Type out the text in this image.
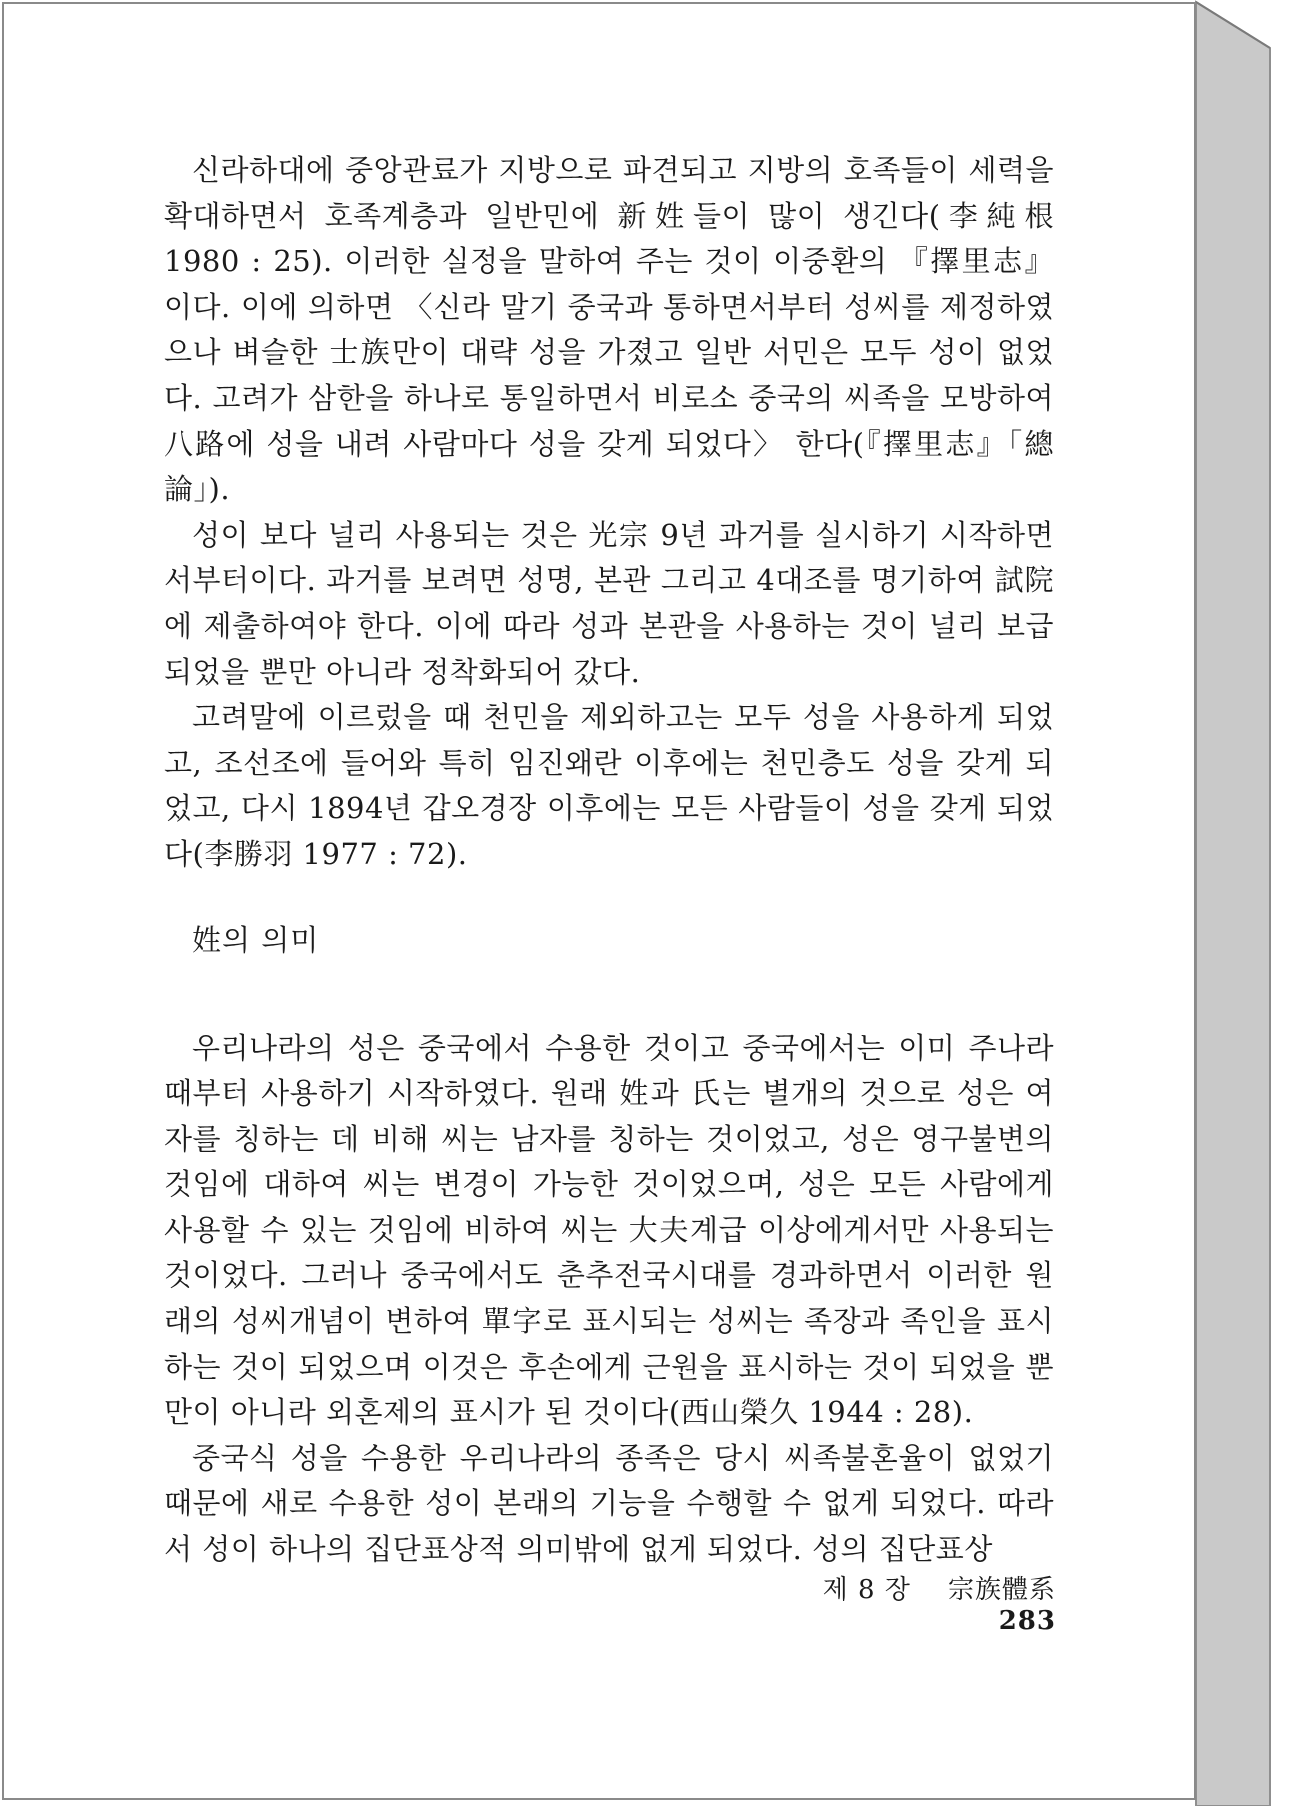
신라하대에 중앙관료가 지방으로 파견되고 지방의 호족들이 세력을 확대하면서 호족계층과 일반민에 新姓들이 많이 생긴다(李純根 1980 : 25). 이러한 실정을 말하여 주는 것이 이중환의 『擇里志』이다. 이에 의하면 〈신라 말기 중국과 통하면서부터 성씨를 제정하였으나 벼슬한 士族만이 대략 성을 가졌고 일반 서민은 모두 성이 없었다. 고려가 삼한을 하나로 통일하면서 비로소 중국의 씨족을 모방하여 八路에 성을 내려 사람마다 성을 갖게 되었다〉 한다(『擇里志』「總論」).

성이 보다 널리 사용되는 것은 光宗 9년 과거를 실시하기 시작하면서부터이다. 과거를 보려면 성명, 본관 그리고 4대조를 명기하여 試院에 제출하여야 한다. 이에 따라 성과 본관을 사용하는 것이 널리 보급되었을 뿐만 아니라 정착화되어 갔다.

고려말에 이르렀을 때 천민을 제외하고는 모두 성을 사용하게 되었고, 조선조에 들어와 특히 임진왜란 이후에는 천민층도 성을 갖게 되었고, 다시 1894년 갑오경장 이후에는 모든 사람들이 성을 갖게 되었다(李勝羽 1977 : 72).

姓의 의미

우리나라의 성은 중국에서 수용한 것이고 중국에서는 이미 주나라 때부터 사용하기 시작하였다. 원래 姓과 氏는 별개의 것으로 성은 여자를 칭하는 데 비해 씨는 남자를 칭하는 것이었고, 성은 영구불변의 것임에 대하여 씨는 변경이 가능한 것이었으며, 성은 모든 사람에게 사용할 수 있는 것임에 비하여 씨는 大夫계급 이상에게서만 사용되는 것이었다. 그러나 중국에서도 춘추전국시대를 경과하면서 이러한 원래의 성씨개념이 변하여 單字로 표시되는 성씨는 족장과 족인을 표시하는 것이 되었으며 이것은 후손에게 근원을 표시하는 것이 되었을 뿐만이 아니라 외혼제의 표시가 된 것이다(西山榮久 1944 : 28).

중국식 성을 수용한 우리나라의 종족은 당시 씨족불혼율이 없었기 때문에 새로 수용한 성이 본래의 기능을 수행할 수 없게 되었다. 따라서 성이 하나의 집단표상적 의미밖에 없게 되었다. 성의 집단표상

제 8 장 宗族體系 283
